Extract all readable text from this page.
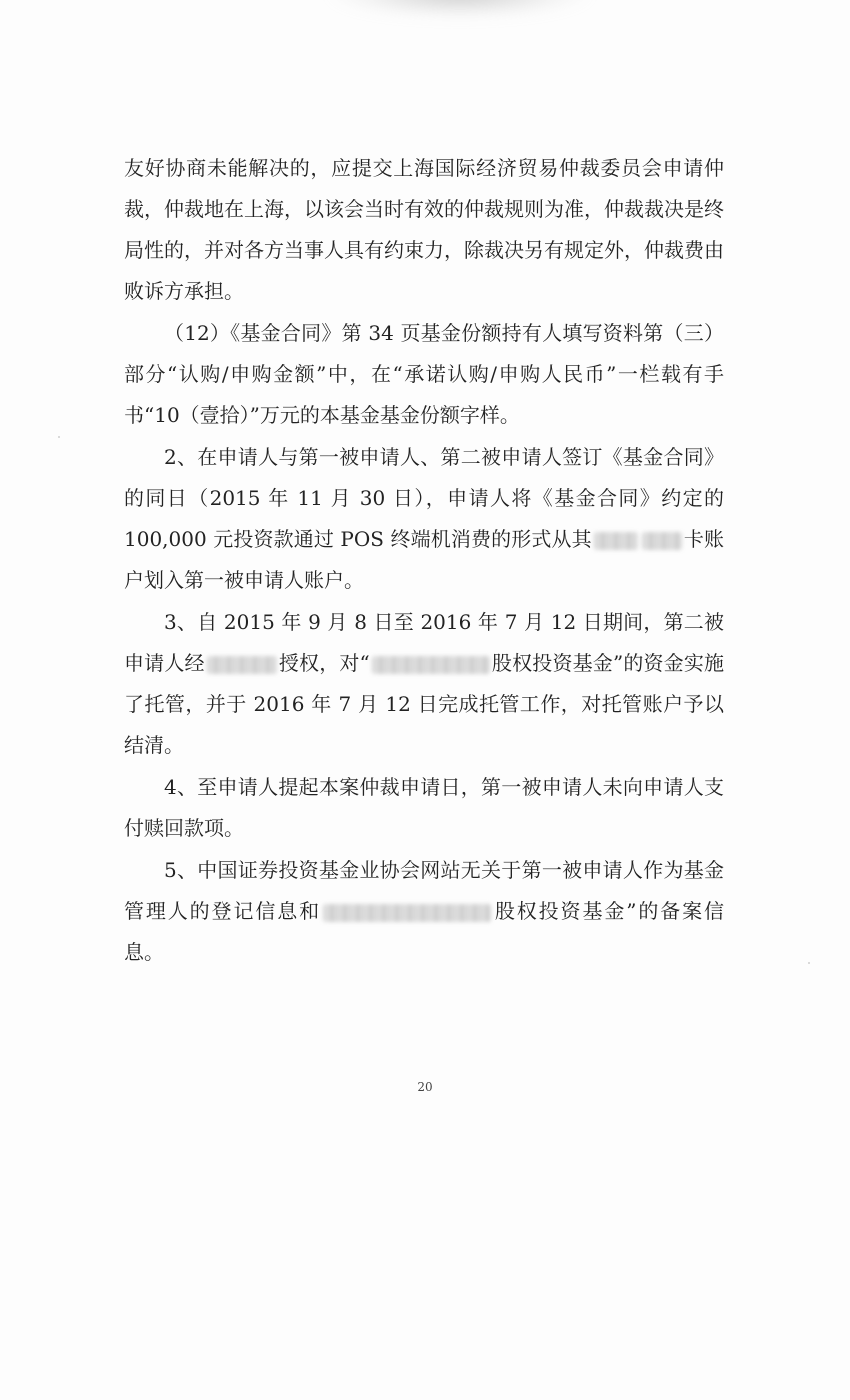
友好协商未能解决的，应提交上海国际经济贸易仲裁委员会申请仲裁，仲裁地在上海，以该会当时有效的仲裁规则为准，仲裁裁决是终局性的，并对各方当事人具有约束力，除裁决另有规定外，仲裁费由败诉方承担。

（12）《基金合同》第 34 页基金份额持有人填写资料第（三）部分“认购/申购金额”中，在“承诺认购/申购人民币”一栏载有手书“10（壹拾）”万元的本基金基金份额字样。

2、在申请人与第一被申请人、第二被申请人签订《基金合同》的同日（2015 年 11 月 30 日），申请人将《基金合同》约定的 100,000 元投资款通过 POS 终端机消费的形式从其	卡账户划入第一被申请人账户。

3、自 2015 年 9 月 8 日至 2016 年 7 月 12 日期间，第二被申请人经	授权，对“	股权投资基金”的资金实施了托管，并于 2016 年 7 月 12 日完成托管工作，对托管账户予以结清。

4、至申请人提起本案仲裁申请日，第一被申请人未向申请人支付赎回款项。

5、中国证券投资基金业协会网站无关于第一被申请人作为基金管理人的登记信息和	股权投资基金”的备案信息。

20
